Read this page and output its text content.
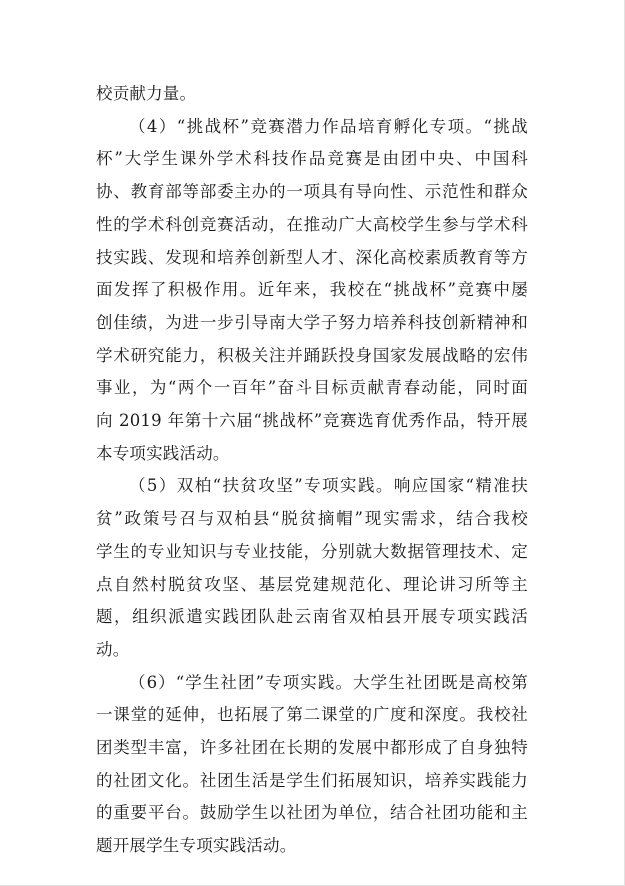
校贡献力量。

（4）“挑战杯”竞赛潜力作品培育孵化专项。“挑战
杯”大学生课外学术科技作品竞赛是由团中央、中国科
协、教育部等部委主办的一项具有导向性、示范性和群众
性的学术科创竞赛活动，在推动广大高校学生参与学术科
技实践、发现和培养创新型人才、深化高校素质教育等方
面发挥了积极作用。近年来，我校在“挑战杯”竞赛中屡
创佳绩，为进一步引导南大学子努力培养科技创新精神和
学术研究能力，积极关注并踊跃投身国家发展战略的宏伟
事业，为“两个一百年”奋斗目标贡献青春动能，同时面
向 2019 年第十六届“挑战杯”竞赛选育优秀作品，特开展
本专项实践活动。

（5）双柏“扶贫攻坚”专项实践。响应国家“精准扶
贫”政策号召与双柏县“脱贫摘帽”现实需求，结合我校
学生的专业知识与专业技能，分别就大数据管理技术、定
点自然村脱贫攻坚、基层党建规范化、理论讲习所等主
题，组织派遣实践团队赴云南省双柏县开展专项实践活
动。

（6）“学生社团”专项实践。大学生社团既是高校第
一课堂的延伸，也拓展了第二课堂的广度和深度。我校社
团类型丰富，许多社团在长期的发展中都形成了自身独特
的社团文化。社团生活是学生们拓展知识，培养实践能力
的重要平台。鼓励学生以社团为单位，结合社团功能和主
题开展学生专项实践活动。
